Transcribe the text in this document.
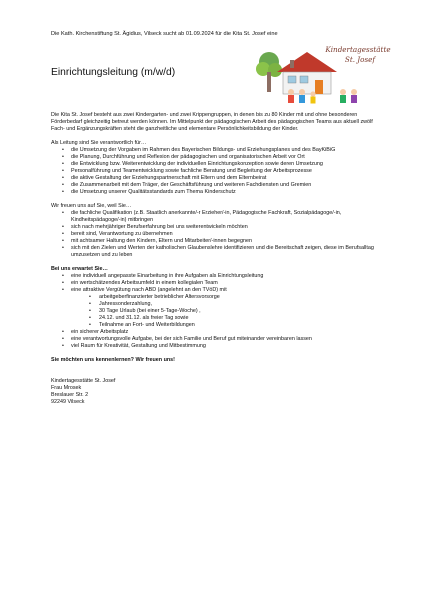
Die Kath. Kirchenstiftung St. Ägidius, Vilseck sucht ab 01.09.2024 für die Kita St. Josef eine
Einrichtungsleitung (m/w/d)
Kindertagesstätte
St. Josef

Die Kita St. Josef besteht aus zwei Kindergarten- und zwei Krippengruppen, in denen bis zu 80 Kinder mit und ohne besonderen Förderbedarf gleichzeitig betreut werden können. Im Mittelpunkt der pädagogischen Arbeit des pädagogischen Teams aus aktuell zwölf Fach- und Ergänzungskräften steht die ganzheitliche und elementare Persönlichkeitsbildung der Kinder.

Als Leitung sind Sie verantwortlich für…

• die Umsetzung der Vorgaben im Rahmen des Bayerischen Bildungs- und Erziehungsplanes und des BayKiBiG
• die Planung, Durchführung und Reflexion der pädagogischen und organisatorischen Arbeit vor Ort
• die Entwicklung bzw. Weiterentwicklung der individuellen Einrichtungskonzeption sowie deren Umsetzung
• Personalführung und Teamentwicklung sowie fachliche Beratung und Begleitung der Arbeitsprozesse
• die aktive Gestaltung der Erziehungspartnerschaft mit Eltern und dem Elternbeirat
• die Zusammenarbeit mit dem Träger, der Geschäftsführung und weiteren Fachdiensten und Gremien
• die Umsetzung unserer Qualitätsstandards zum Thema Kinderschutz

Wir freuen uns auf Sie, weil Sie…

• die fachliche Qualifikation (z.B. Staatlich anerkannte/-r Erzieher/-in, Pädagogische Fachkraft, Sozialpädagoge/-in, Kindheitspädagoge/-in) mitbringen
• sich nach mehrjähriger Berufserfahrung bei uns weiterentwickeln möchten
• bereit sind, Verantwortung zu übernehmen
• mit achtsamer Haltung den Kindern, Eltern und Mitarbeiter/-innen begegnen
• sich mit den Zielen und Werten der katholischen Glaubenslehre identifizieren und die Bereitschaft zeigen, diese im Berufsalltag umzusetzen und zu leben

Bei uns erwartet Sie…

• eine individuell angepasste Einarbeitung in ihre Aufgaben als Einrichtungsleitung
• ein wertschätzendes Arbeitsumfeld in einem kollegialen Team
• eine attraktive Vergütung nach ABD (angelehnt an den TVöD) mit
• arbeitgeberfinanzierter betrieblicher Altersvorsorge
• Jahressonderzahlung,
• 30 Tage Urlaub (bei einer 5-Tage-Woche) ,
• 24.12. und 31.12. als freier Tag sowie
• Teilnahme an Fort- und Weiterbildungen
• ein sicherer Arbeitsplatz
• eine verantwortungsvolle Aufgabe, bei der sich Familie und Beruf gut miteinander vereinbaren lassen
• viel Raum für Kreativität, Gestaltung und Mitbestimmung

Sie möchten uns kennenlernen? Wir freuen uns!

Kindertagesstätte St. Josef

Frau Mrosek

Breslauer Str. 2

92249 Vilseck
